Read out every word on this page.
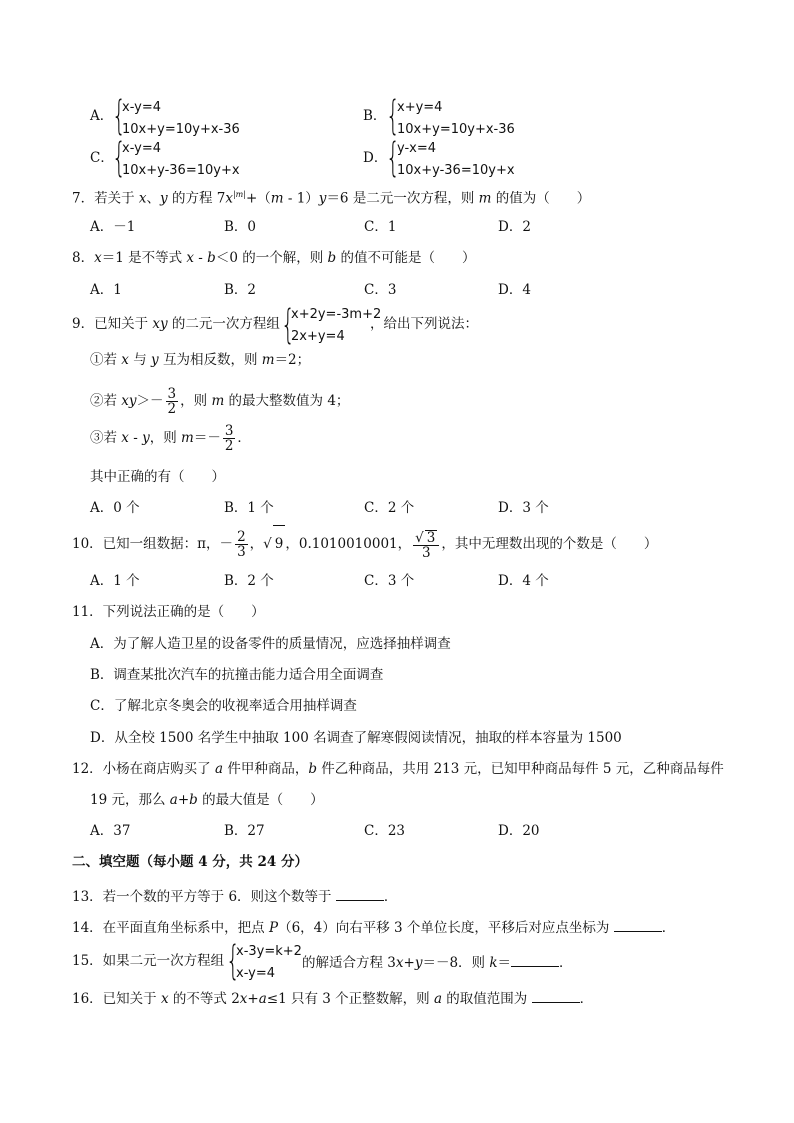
A．
{
x-y=4
10x+y=10y+x-36
B． {
x+y=4
10x+y=10y+x-36
C．
{
x-y=4
10x+y-36=10y+x
D．
{
y-x=4
10x+y-36=10y+x
7．若关于 x、y 的方程 $7x^{|m|}+(m - 1)y=6$ 是二元一次方程，则 m 的值为（　　）
A．－1	B．0	C．1	D．2
8．x＝1 是不等式 x - b＜0 的一个解，则 b 的值不可能是（　　）
A．1	B．2	C．3	D．4
9．已知关于 xy 的二元一次方程组 {
x+2y=-3m+2
2x+y=4
，给出下列说法：
①若 x 与 y 互为相反数，则 m＝2；
②若 $xy>- \frac{3}{2}$ ，则 m 的最大整数值为 4；
③若 x - y，则 $m=- \frac{3}{2}$ ．
其中正确的有（　　）
A．0 个	B．1 个	C．2 个	D．3 个
10．已知一组数据：π，－ $\frac{2}{3}$ ，√ 9 ，0.1010010001， $\frac{√ 3}{3}$ ，其中无理数出现的个数是（　　）
A．1 个	B．2 个	C．3 个	D．4 个
11．下列说法正确的是（　　）
A．为了解人造卫星的设备零件的质量情况，应选择抽样调查
B．调查某批次汽车的抗撞击能力适合用全面调查
C．了解北京冬奥会的收视率适合用抽样调查
D．从全校 1500 名学生中抽取 100 名调查了解寒假阅读情况，抽取的样本容量为 1500
12．小杨在商店购买了 a 件甲种商品，b 件乙种商品，共用 213 元，已知甲种商品每件 5 元，乙种商品每件
19 元，那么 a+b 的最大值是（　　）
A．37	B．27	C．23	D．20
二、填空题（每小题 4 分，共 24 分）
13．若一个数的平方等于 6．则这个数等于	．
14．在平面直角坐标系中，把点 P（6，4）向右平移 3 个单位长度，平移后对应点坐标为	．
15．如果二元一次方程组 {
x-3y=k+2
x-y=4
的解适合方程 3x+y＝－8．则 k＝	．
16．已知关于 x 的不等式 2x+a≤1 只有 3 个正整数解，则 a 的取值范围为	．
